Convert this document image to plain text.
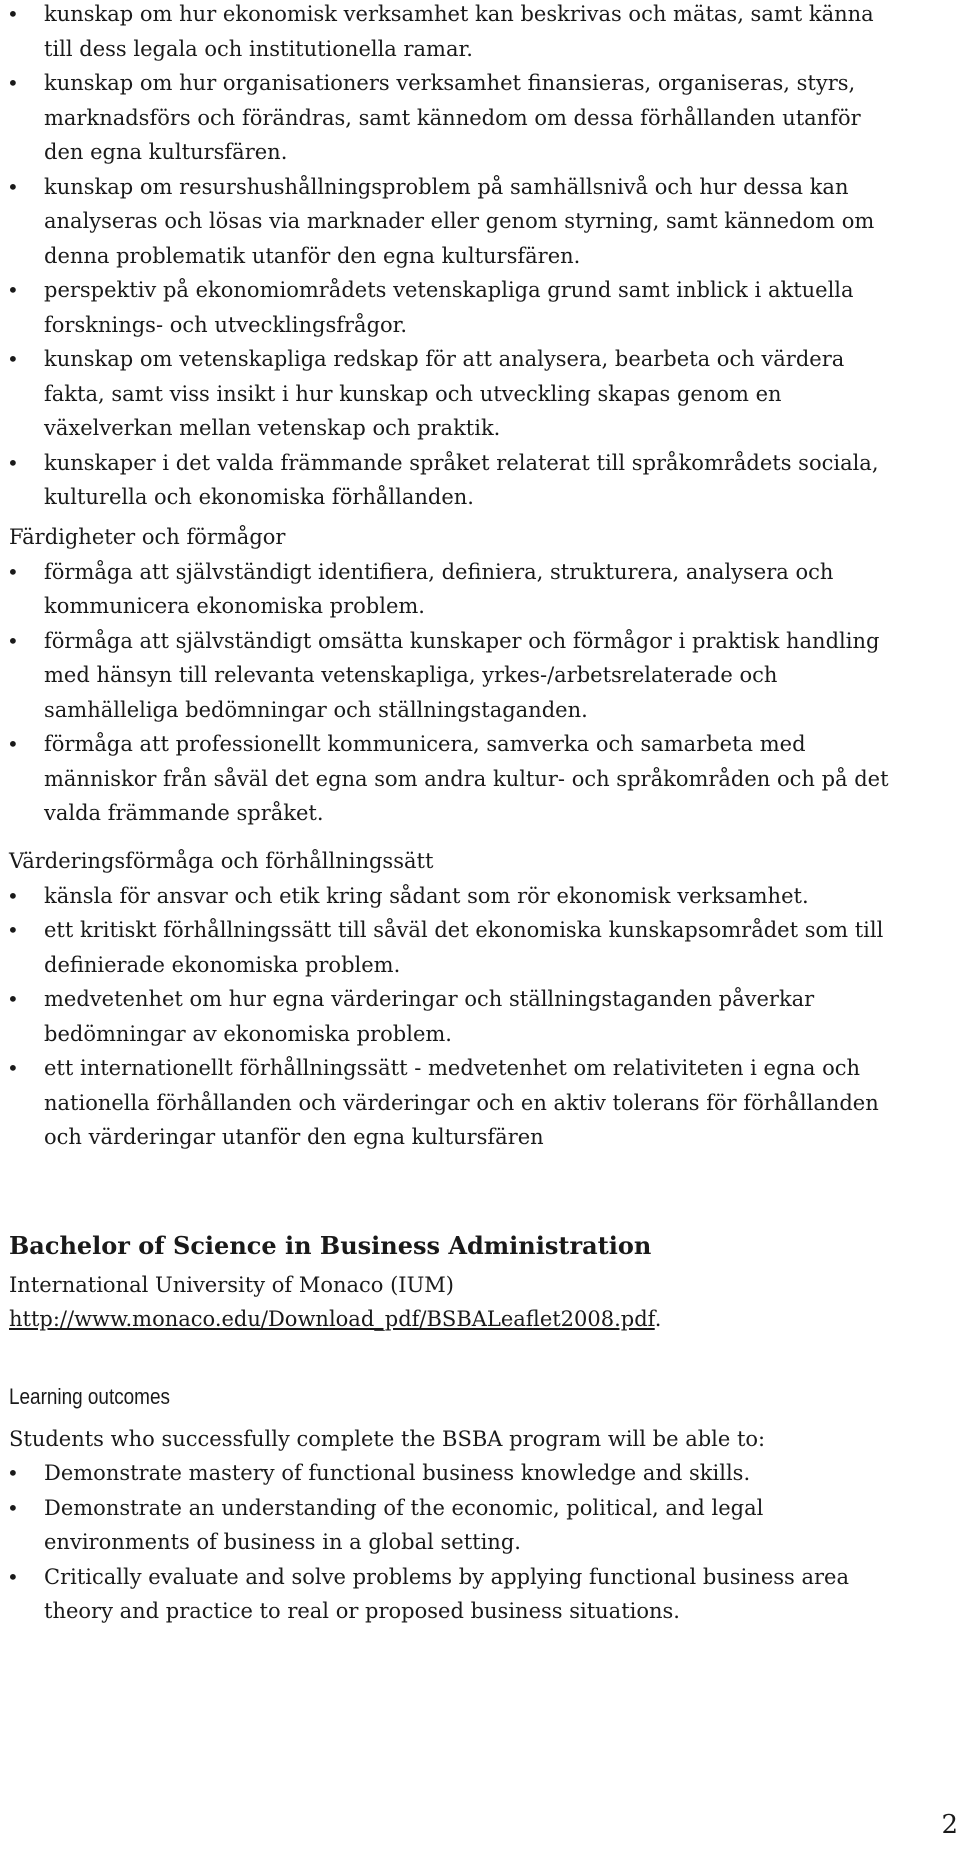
• kunskap om hur ekonomisk verksamhet kan beskrivas och mätas, samt känna till dess legala och institutionella ramar.
• kunskap om hur organisationers verksamhet finansieras, organiseras, styrs, marknadsförs och förändras, samt kännedom om dessa förhållanden utanför den egna kultursfären.
• kunskap om resurshushållningsproblem på samhällsnivå och hur dessa kan analyseras och lösas via marknader eller genom styrning, samt kännedom om denna problematik utanför den egna kultursfären.
• perspektiv på ekonomiområdets vetenskapliga grund samt inblick i aktuella forsknings- och utvecklingsfrågor.
• kunskap om vetenskapliga redskap för att analysera, bearbeta och värdera fakta, samt viss insikt i hur kunskap och utveckling skapas genom en växelverkan mellan vetenskap och praktik.
• kunskaper i det valda främmande språket relaterat till språkområdets sociala, kulturella och ekonomiska förhållanden.
Färdigheter och förmågor
• förmåga att självständigt identifiera, definiera, strukturera, analysera och kommunicera ekonomiska problem.
• förmåga att självständigt omsätta kunskaper och förmågor i praktisk handling med hänsyn till relevanta vetenskapliga, yrkes-/arbetsrelaterade och samhälleliga bedömningar och ställningstaganden.
• förmåga att professionellt kommunicera, samverka och samarbeta med människor från såväl det egna som andra kultur- och språkområden och på det valda främmande språket.
Värderingsförmåga och förhållningssätt
• känsla för ansvar och etik kring sådant som rör ekonomisk verksamhet.
• ett kritiskt förhållningssätt till såväl det ekonomiska kunskapsområdet som till definierade ekonomiska problem.
• medvetenhet om hur egna värderingar och ställningstaganden påverkar bedömningar av ekonomiska problem.
• ett internationellt förhållningssätt - medvetenhet om relativiteten i egna och nationella förhållanden och värderingar och en aktiv tolerans för förhållanden och värderingar utanför den egna kultursfären
Bachelor of Science in Business Administration
International University of Monaco (IUM)
http://www.monaco.edu/Download_pdf/BSBALeaflet2008.pdf.
Learning outcomes
Students who successfully complete the BSBA program will be able to:
• Demonstrate mastery of functional business knowledge and skills.
• Demonstrate an understanding of the economic, political, and legal environments of business in a global setting.
• Critically evaluate and solve problems by applying functional business area theory and practice to real or proposed business situations.
2
